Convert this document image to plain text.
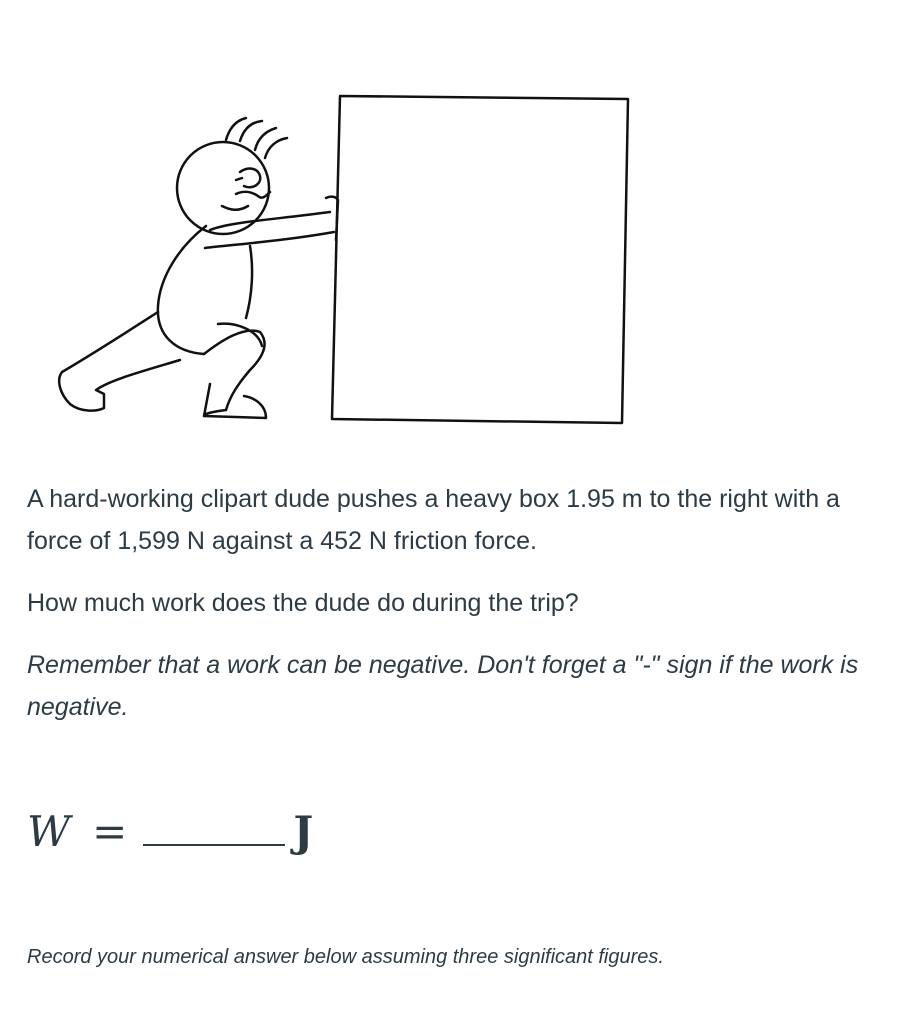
A hard-working clipart dude pushes a heavy box 1.95 m to the right with a force of 1,599 N against a 452 N friction force.

How much work does the dude do during the trip?

Remember that a work can be negative. Don't forget a "-" sign if the work is negative.

W =	J
Record your numerical answer below assuming three significant figures.
